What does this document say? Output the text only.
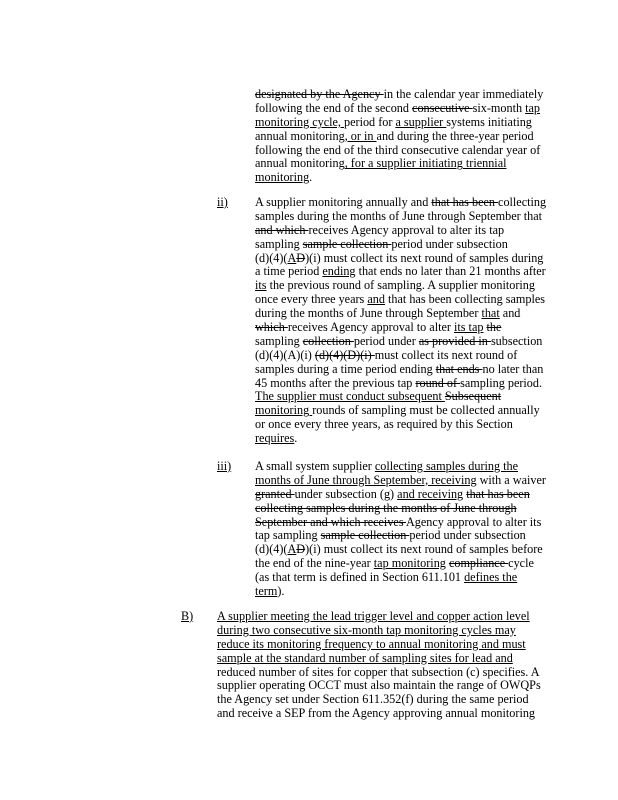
designated by the Agency in the calendar year immediately
following the end of the second consecutive six-month tap
monitoring cycle, period for a supplier systems initiating
annual monitoring, or in and during the three-year period
following the end of the third consecutive calendar year of
annual monitoring, for a supplier initiating triennial
monitoring.
ii) A supplier monitoring annually and that has been collecting
samples during the months of June through September that
and which receives Agency approval to alter its tap
sampling sample collection period under subsection
(d)(4)(AD)(i) must collect its next round of samples during
a time period ending that ends no later than 21 months after
its the previous round of sampling. A supplier monitoring
once every three years and that has been collecting samples
during the months of June through September that and
which receives Agency approval to alter its tap the
sampling collection period under as provided in subsection
(d)(4)(A)(i) (d)(4)(D)(i) must collect its next round of
samples during a time period ending that ends no later than
45 months after the previous tap round of sampling period.
The supplier must conduct subsequent Subsequent
monitoring rounds of sampling must be collected annually
or once every three years, as required by this Section
requires.
iii) A small system supplier collecting samples during the
months of June through September, receiving with a waiver
granted under subsection (g) and receiving that has been
collecting samples during the months of June through
September and which receives Agency approval to alter its
tap sampling sample collection period under subsection
(d)(4)(AD)(i) must collect its next round of samples before
the end of the nine-year tap monitoring compliance cycle
(as that term is defined in Section 611.101 defines the
term).
B) A supplier meeting the lead trigger level and copper action level
during two consecutive six-month tap monitoring cycles may
reduce its monitoring frequency to annual monitoring and must
sample at the standard number of sampling sites for lead and
reduced number of sites for copper that subsection (c) specifies. A
supplier operating OCCT must also maintain the range of OWQPs
the Agency set under Section 611.352(f) during the same period
and receive a SEP from the Agency approving annual monitoring
